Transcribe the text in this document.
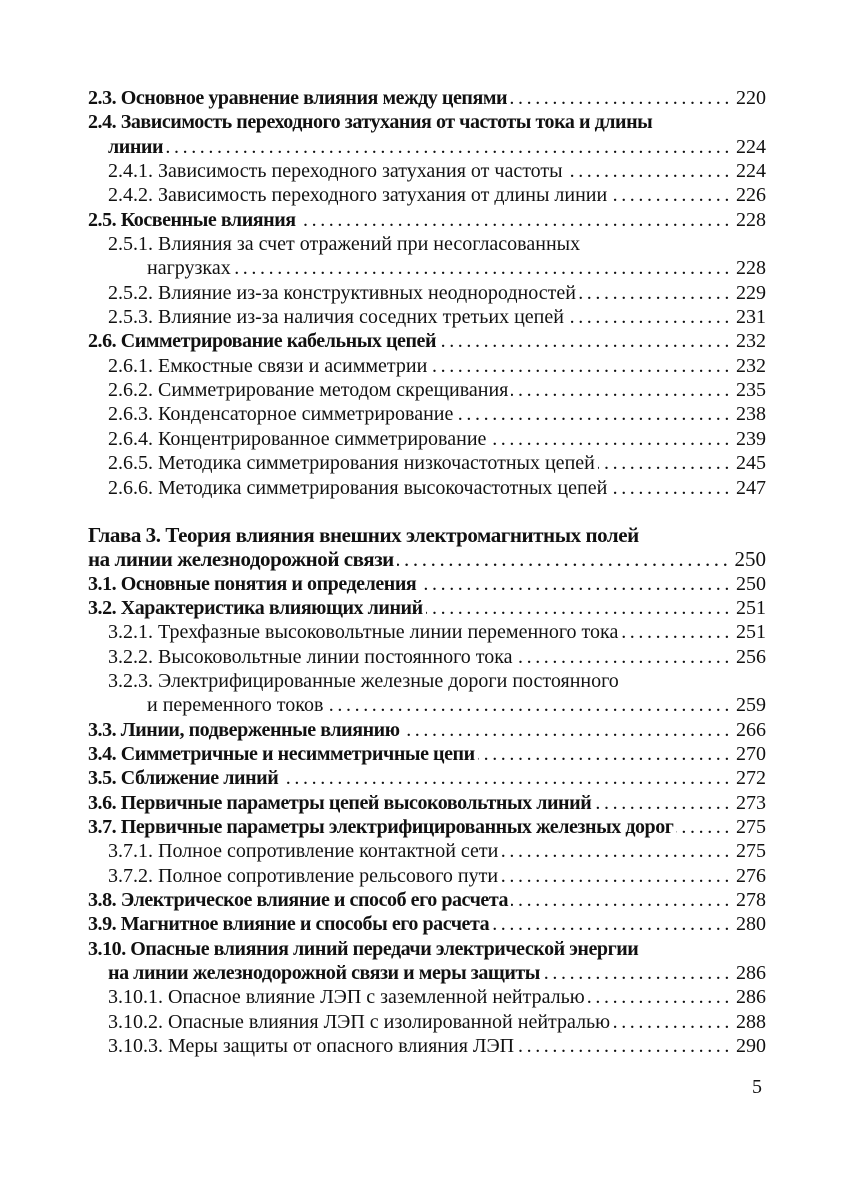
2.3. Основное уравнение влияния между цепями .....	220
2.4. Зависимость переходного затухания от частоты тока и длины
линии .....	224
2.4.1. Зависимость переходного затухания от частоты .....	224
2.4.2. Зависимость переходного затухания от длины линии .....	226
2.5. Косвенные влияния .....	228
2.5.1. Влияния за счет отражений при несогласованных
нагрузках .....	228
2.5.2. Влияние из-за конструктивных неоднородностей .....	229
2.5.3. Влияние из-за наличия соседних третьих цепей .....	231
2.6. Симметрирование кабельных цепей .....	232
2.6.1. Емкостные связи и асимметрии .....	232
2.6.2. Симметрирование методом скрещивания .....	235
2.6.3. Конденсаторное симметрирование .....	238
2.6.4. Концентрированное симметрирование .....	239
2.6.5. Методика симметрирования низкочастотных цепей .....	245
2.6.6. Методика симметрирования высокочастотных цепей .....	247
Глава 3. Теория влияния внешних электромагнитных полей
на линии железнодорожной связи .....	250
3.1. Основные понятия и определения .....	250
3.2. Характеристика влияющих линий .....	251
3.2.1. Трехфазные высоковольтные линии переменного тока .....	251
3.2.2. Высоковольтные линии постоянного тока .....	256
3.2.3. Электрифицированные железные дороги постоянного
и переменного токов .....	259
3.3. Линии, подверженные влиянию .....	266
3.4. Симметричные и несимметричные цепи .....	270
3.5. Сближение линий .....	272
3.6. Первичные параметры цепей высоковольтных линий .....	273
3.7. Первичные параметры электрифицированных железных дорог .....	275
3.7.1. Полное сопротивление контактной сети .....	275
3.7.2. Полное сопротивление рельсового пути .....	276
3.8. Электрическое влияние и способ его расчета .....	278
3.9. Магнитное влияние и способы его расчета .....	280
3.10. Опасные влияния линий передачи электрической энергии
на линии железнодорожной связи и меры защиты .....	286
3.10.1. Опасное влияние ЛЭП с заземленной нейтралью .....	286
3.10.2. Опасные влияния ЛЭП с изолированной нейтралью .....	288
3.10.3. Меры защиты от опасного влияния ЛЭП .....	290
5
